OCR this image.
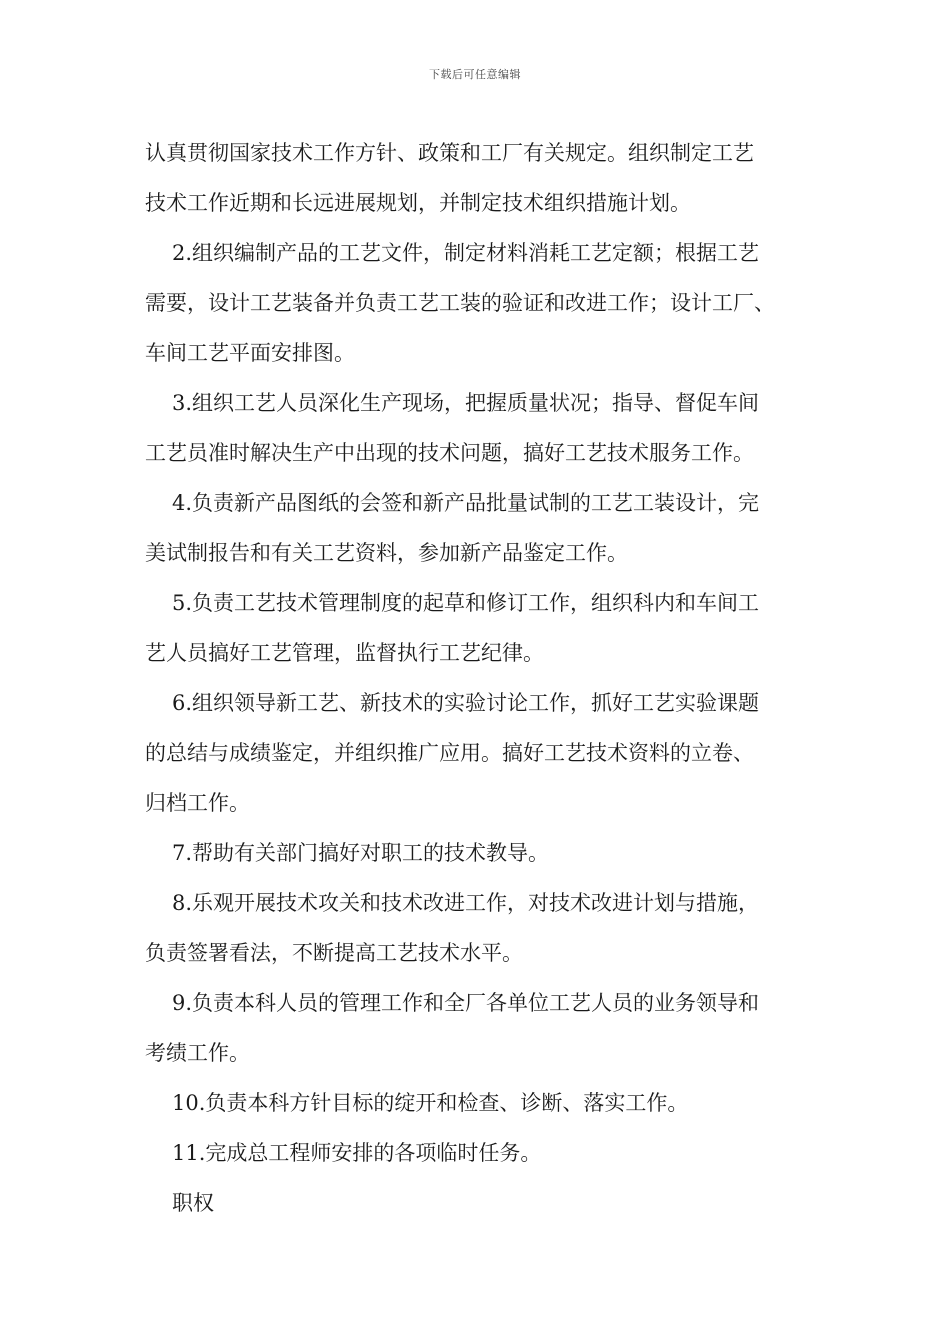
下载后可任意编辑
认真贯彻国家技术工作方针、政策和工厂有关规定。组织制定工艺
技术工作近期和长远进展规划，并制定技术组织措施计划。
2.组织编制产品的工艺文件，制定材料消耗工艺定额；根据工艺
需要，设计工艺装备并负责工艺工装的验证和改进工作；设计工厂、
车间工艺平面安排图。
3.组织工艺人员深化生产现场，把握质量状况；指导、督促车间
工艺员准时解决生产中出现的技术问题，搞好工艺技术服务工作。
4.负责新产品图纸的会签和新产品批量试制的工艺工装设计，完
美试制报告和有关工艺资料，参加新产品鉴定工作。
5.负责工艺技术管理制度的起草和修订工作，组织科内和车间工
艺人员搞好工艺管理，监督执行工艺纪律。
6.组织领导新工艺、新技术的实验讨论工作，抓好工艺实验课题
的总结与成绩鉴定，并组织推广应用。搞好工艺技术资料的立卷、
归档工作。
7.帮助有关部门搞好对职工的技术教导。
8.乐观开展技术攻关和技术改进工作，对技术改进计划与措施，
负责签署看法，不断提高工艺技术水平。
9.负责本科人员的管理工作和全厂各单位工艺人员的业务领导和
考绩工作。
10.负责本科方针目标的绽开和检查、诊断、落实工作。
11.完成总工程师安排的各项临时任务。
职权
